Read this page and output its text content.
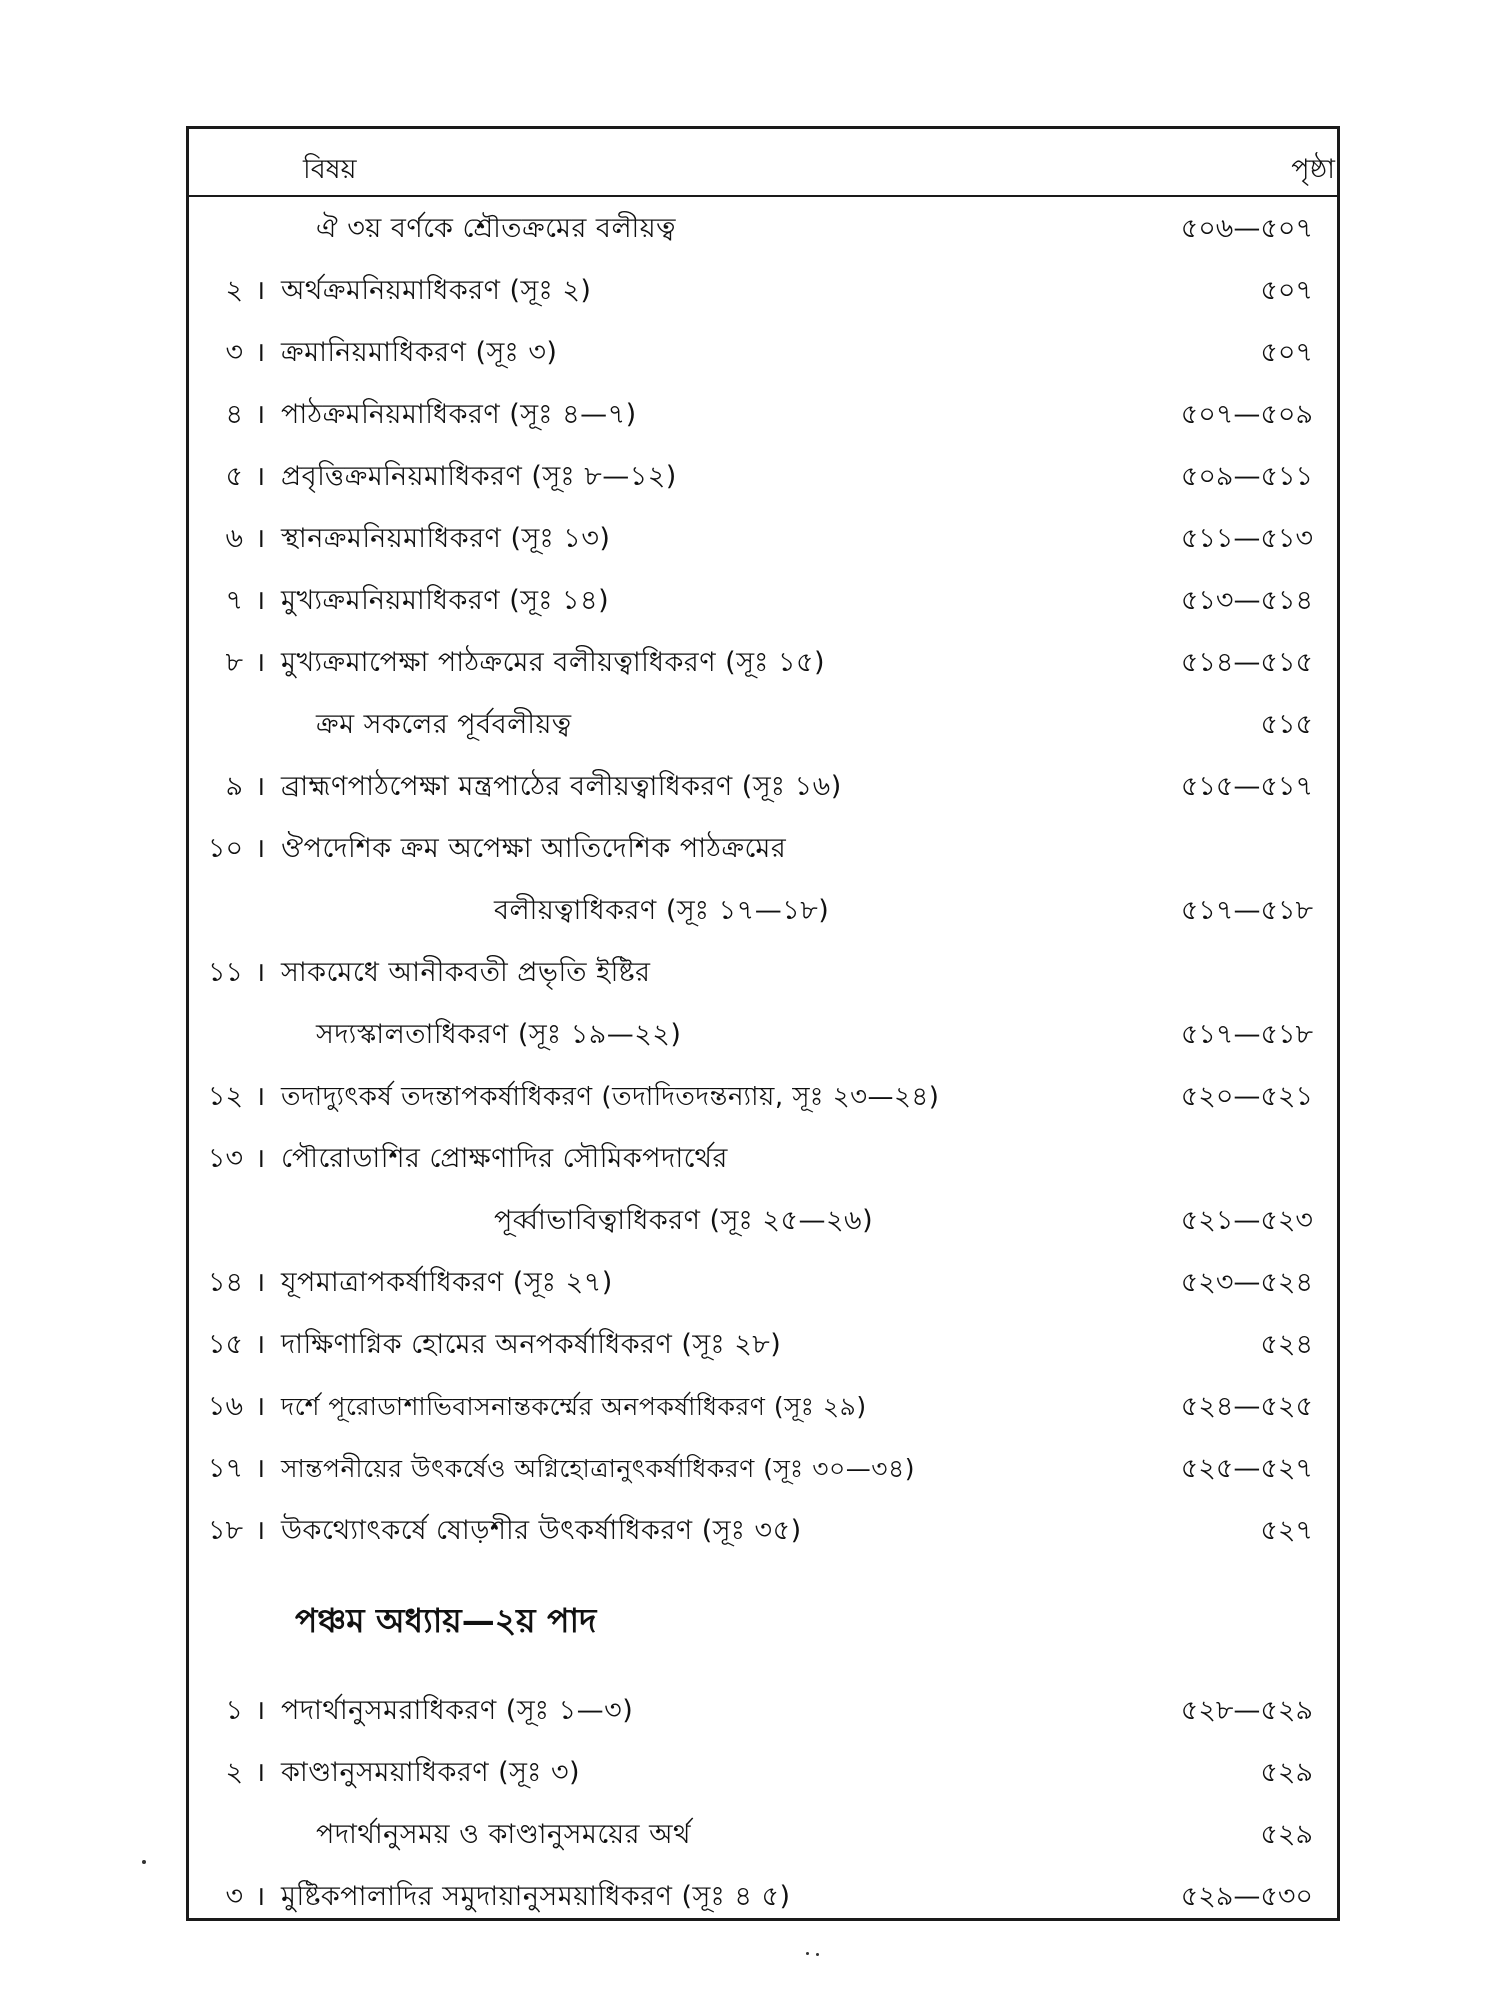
বিষয়	পৃষ্ঠা
ঐ ৩য় বর্ণকে শ্রৌতক্রমের বলীয়ত্ব	৫০৬—৫০৭
২ । অর্থক্রমনিয়মাধিকরণ (সূঃ ২)	৫০৭
৩ । ক্রমানিয়মাধিকরণ (সূঃ ৩)	৫০৭
৪ । পাঠক্রমনিয়মাধিকরণ (সূঃ ৪—৭)	৫০৭—৫০৯
৫ । প্রবৃত্তিক্রমনিয়মাধিকরণ (সূঃ ৮—১২)	৫০৯—৫১১
৬ । স্থানক্রমনিয়মাধিকরণ (সূঃ ১৩)	৫১১—৫১৩
৭ । মুখ্যক্রমনিয়মাধিকরণ (সূঃ ১৪)	৫১৩—৫১৪
৮ । মুখ্যক্রমাপেক্ষা পাঠক্রমের বলীয়ত্বাধিকরণ (সূঃ ১৫)	৫১৪—৫১৫
ক্রম সকলের পূর্ববলীয়ত্ব	৫১৫
৯ । ব্রাহ্মণপাঠপেক্ষা মন্ত্রপাঠের বলীয়ত্বাধিকরণ (সূঃ ১৬)	৫১৫—৫১৭
১০ । ঔপদেশিক ক্রম অপেক্ষা আতিদেশিক পাঠক্রমের
বলীয়ত্বাধিকরণ (সূঃ ১৭—১৮)	৫১৭—৫১৮
১১ । সাকমেধে আনীকবতী প্রভৃতি ইষ্টির
সদ্যস্কালতাধিকরণ (সূঃ ১৯—২২)	৫১৭—৫১৮
১২ । তদাদ্যুৎকর্ষ তদন্তাপকর্ষাধিকরণ (তদাদিতদন্তন্যায়, সূঃ ২৩—২৪)	৫২০—৫২১
১৩ । পৌরোডাশির প্রোক্ষণাদির সৌমিকপদার্থের
পূর্ব্বাভাবিত্বাধিকরণ (সূঃ ২৫—২৬)	৫২১—৫২৩
১৪ । যূপমাত্রাপকর্ষাধিকরণ (সূঃ ২৭)	৫২৩—৫২৪
১৫ । দাক্ষিণাগ্নিক হোমের অনপকর্ষাধিকরণ (সূঃ ২৮)	৫২৪
১৬ । দর্শে পূরোডাশাভিবাসনান্তকর্ম্মের অনপকর্ষাধিকরণ (সূঃ ২৯)	৫২৪—৫২৫
১৭ । সান্তপনীয়ের উৎকর্ষেও অগ্নিহোত্রানুৎকর্ষাধিকরণ (সূঃ ৩০—৩৪)	৫২৫—৫২৭
১৮ । উকথ্যোৎকর্ষে ষোড়শীর উৎকর্ষাধিকরণ (সূঃ ৩৫)	৫২৭
পঞ্চম অধ্যায়—২য় পাদ
১ । পদার্থানুসমরাধিকরণ (সূঃ ১—৩)	৫২৮—৫২৯
২ । কাণ্ডানুসময়াধিকরণ (সূঃ ৩)	৫২৯
পদার্থানুসময় ও কাণ্ডানুসময়ের অর্থ	৫২৯
৩ । মুষ্টিকপালাদির সমুদায়ানুসময়াধিকরণ (সূঃ ৪ ৫)	৫২৯—৫৩০
